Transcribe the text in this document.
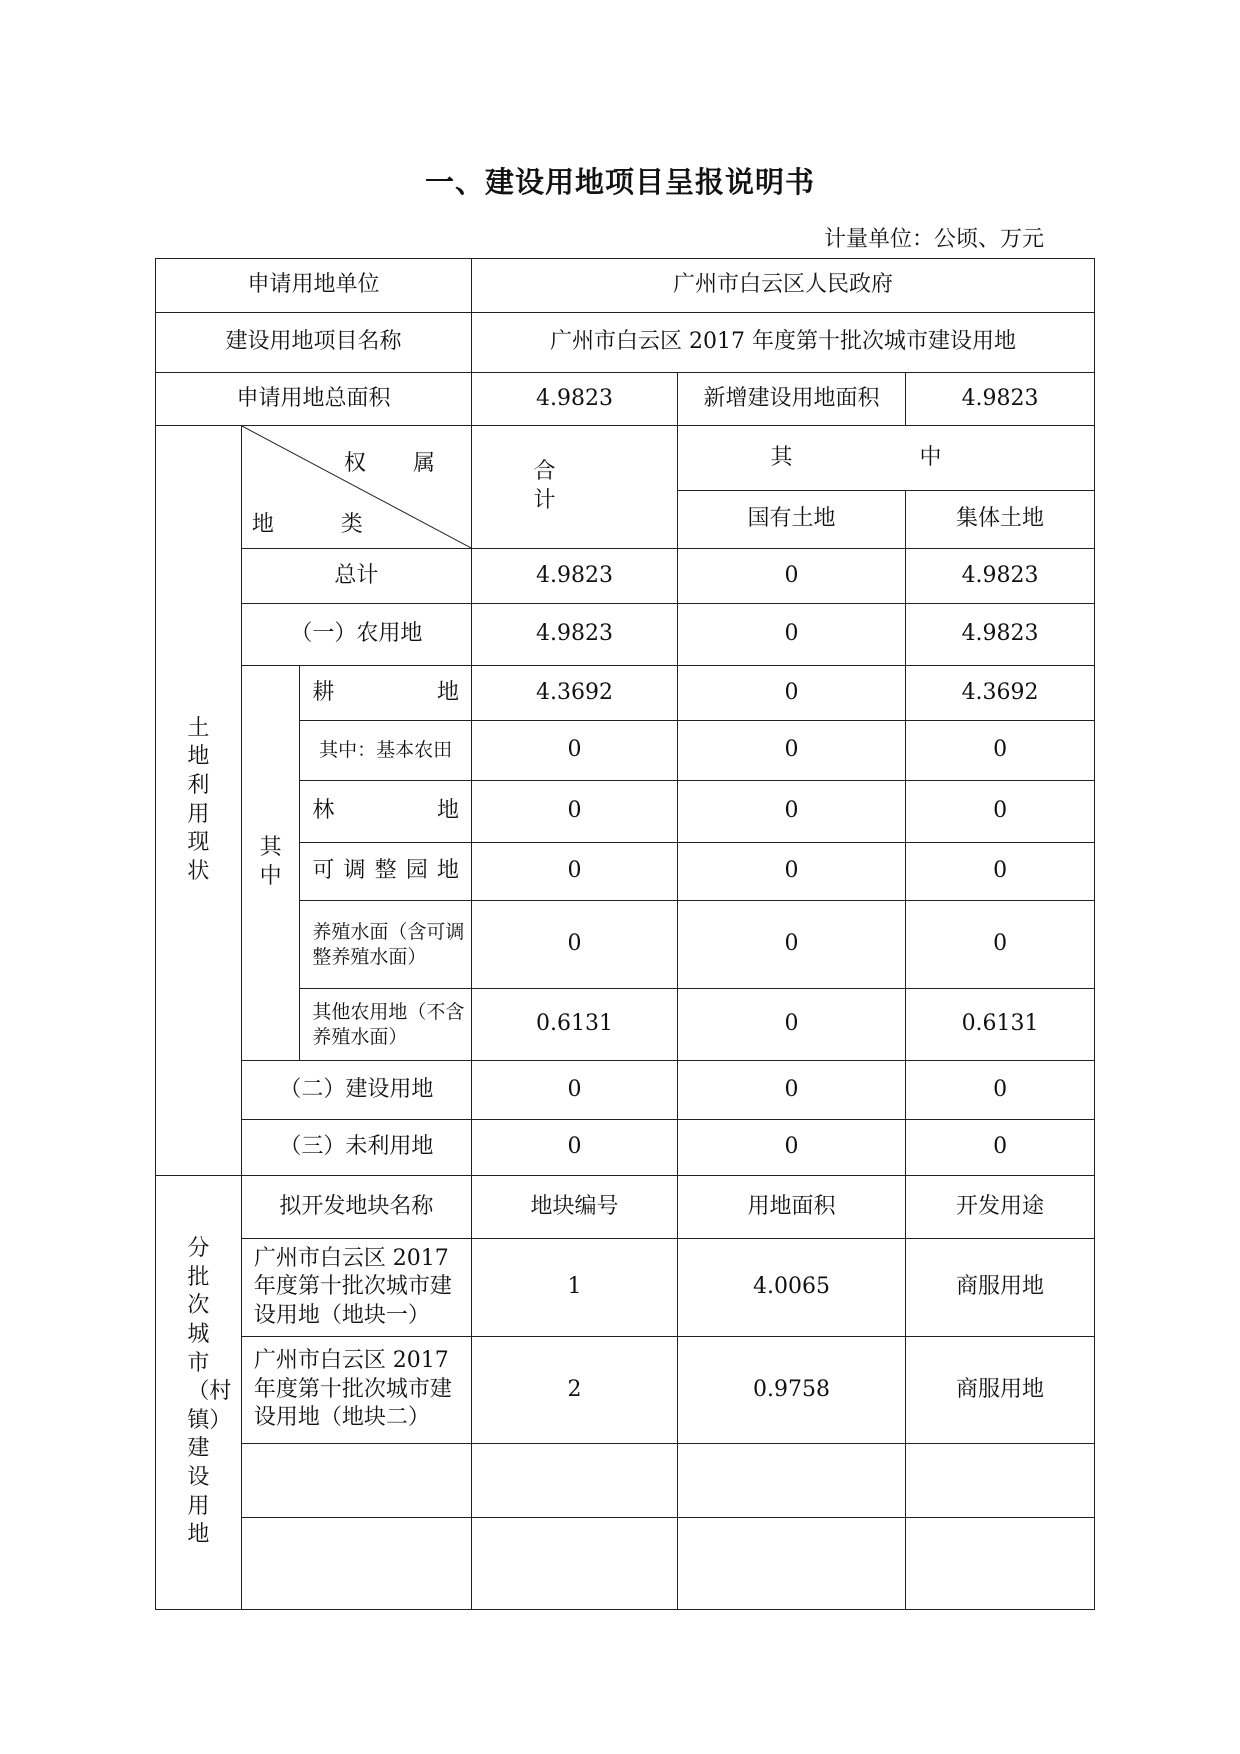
一、建设用地项目呈报说明书
计量单位：公顷、万元
申请用地单位			广州市白云区人民政府		
建设用地项目名称			广州市白云区 2017 年度第十批次城市建设用地		
申请用地总面积			4.9823	新增建设用地面积	4.9823

土地利用现状	权 属
地 类		合 计	其 中	
				国有土地	集体土地
	总计		4.9823	0	4.9823
	（一）农用地		4.9823	0	4.9823

	其中	耕地	4.3692	0	4.3692
		其中：基本农田	0	0	0
		林地	0	0	0
		可调整园地	0	0	0
		养殖水面（含可调整养殖水面）	0	0	0
		其他农用地（不含养殖水面）	0.6131	0	0.6131
	（二）建设用地		0	0	0
	（三）未利用地		0	0	0

分批次城市（村镇）建设用地	拟开发地块名称		地块编号	用地面积	开发用途
	广州市白云区 2017 年度第十批次城市建设用地（地块一）		1	4.0065	商服用地
	广州市白云区 2017 年度第十批次城市建设用地（地块二）		2	0.9758	商服用地
